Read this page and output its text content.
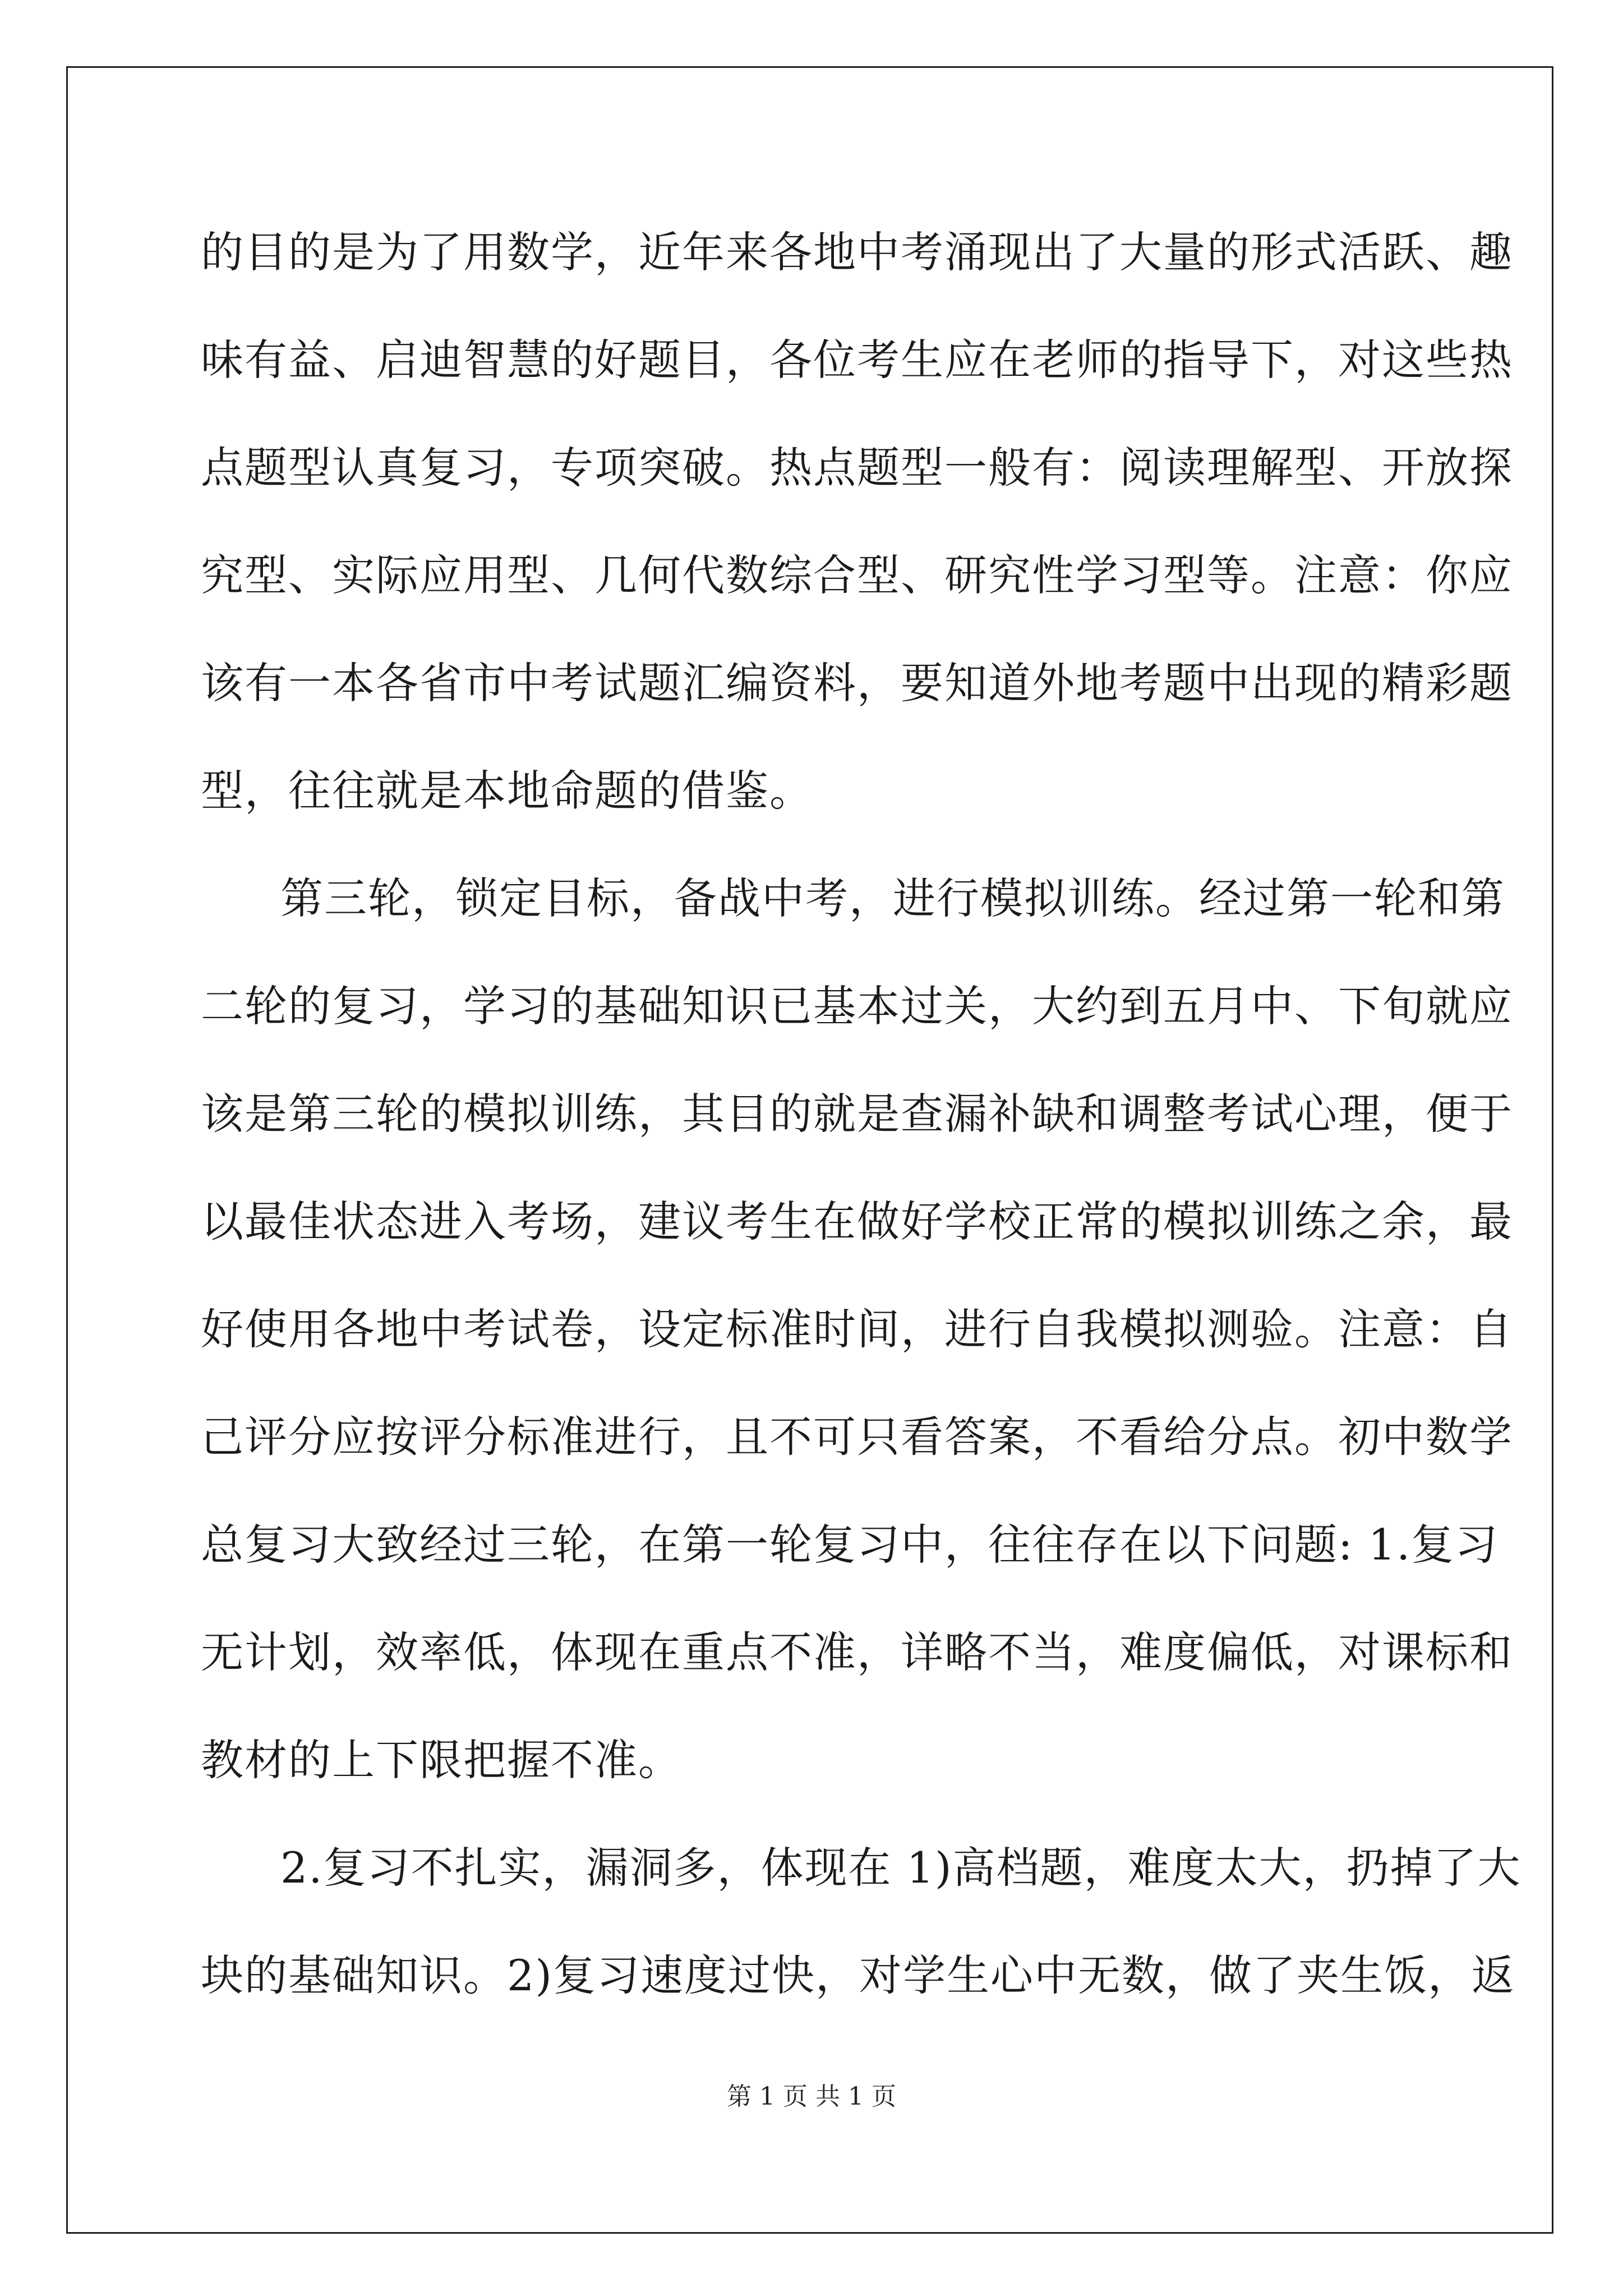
的目的是为了用数学，近年来各地中考涌现出了大量的形式活跃、趣
味有益、启迪智慧的好题目，各位考生应在老师的指导下，对这些热
点题型认真复习，专项突破。热点题型一般有：阅读理解型、开放探
究型、实际应用型、几何代数综合型、研究性学习型等。注意：你应
该有一本各省市中考试题汇编资料，要知道外地考题中出现的精彩题
型，往往就是本地命题的借鉴。
第三轮，锁定目标，备战中考，进行模拟训练。经过第一轮和第
二轮的复习，学习的基础知识已基本过关，大约到五月中、下旬就应
该是第三轮的模拟训练，其目的就是查漏补缺和调整考试心理，便于
以最佳状态进入考场，建议考生在做好学校正常的模拟训练之余，最
好使用各地中考试卷，设定标准时间，进行自我模拟测验。注意：自
己评分应按评分标准进行，且不可只看答案，不看给分点。初中数学
总复习大致经过三轮，在第一轮复习中，往往存在以下问题: 1.复习
无计划，效率低，体现在重点不准，详略不当，难度偏低，对课标和
教材的上下限把握不准。
2.复习不扎实，漏洞多，体现在 1)高档题，难度太大，扔掉了大
块的基础知识。2)复习速度过快，对学生心中无数，做了夹生饭，返
第 1 页 共 1 页
